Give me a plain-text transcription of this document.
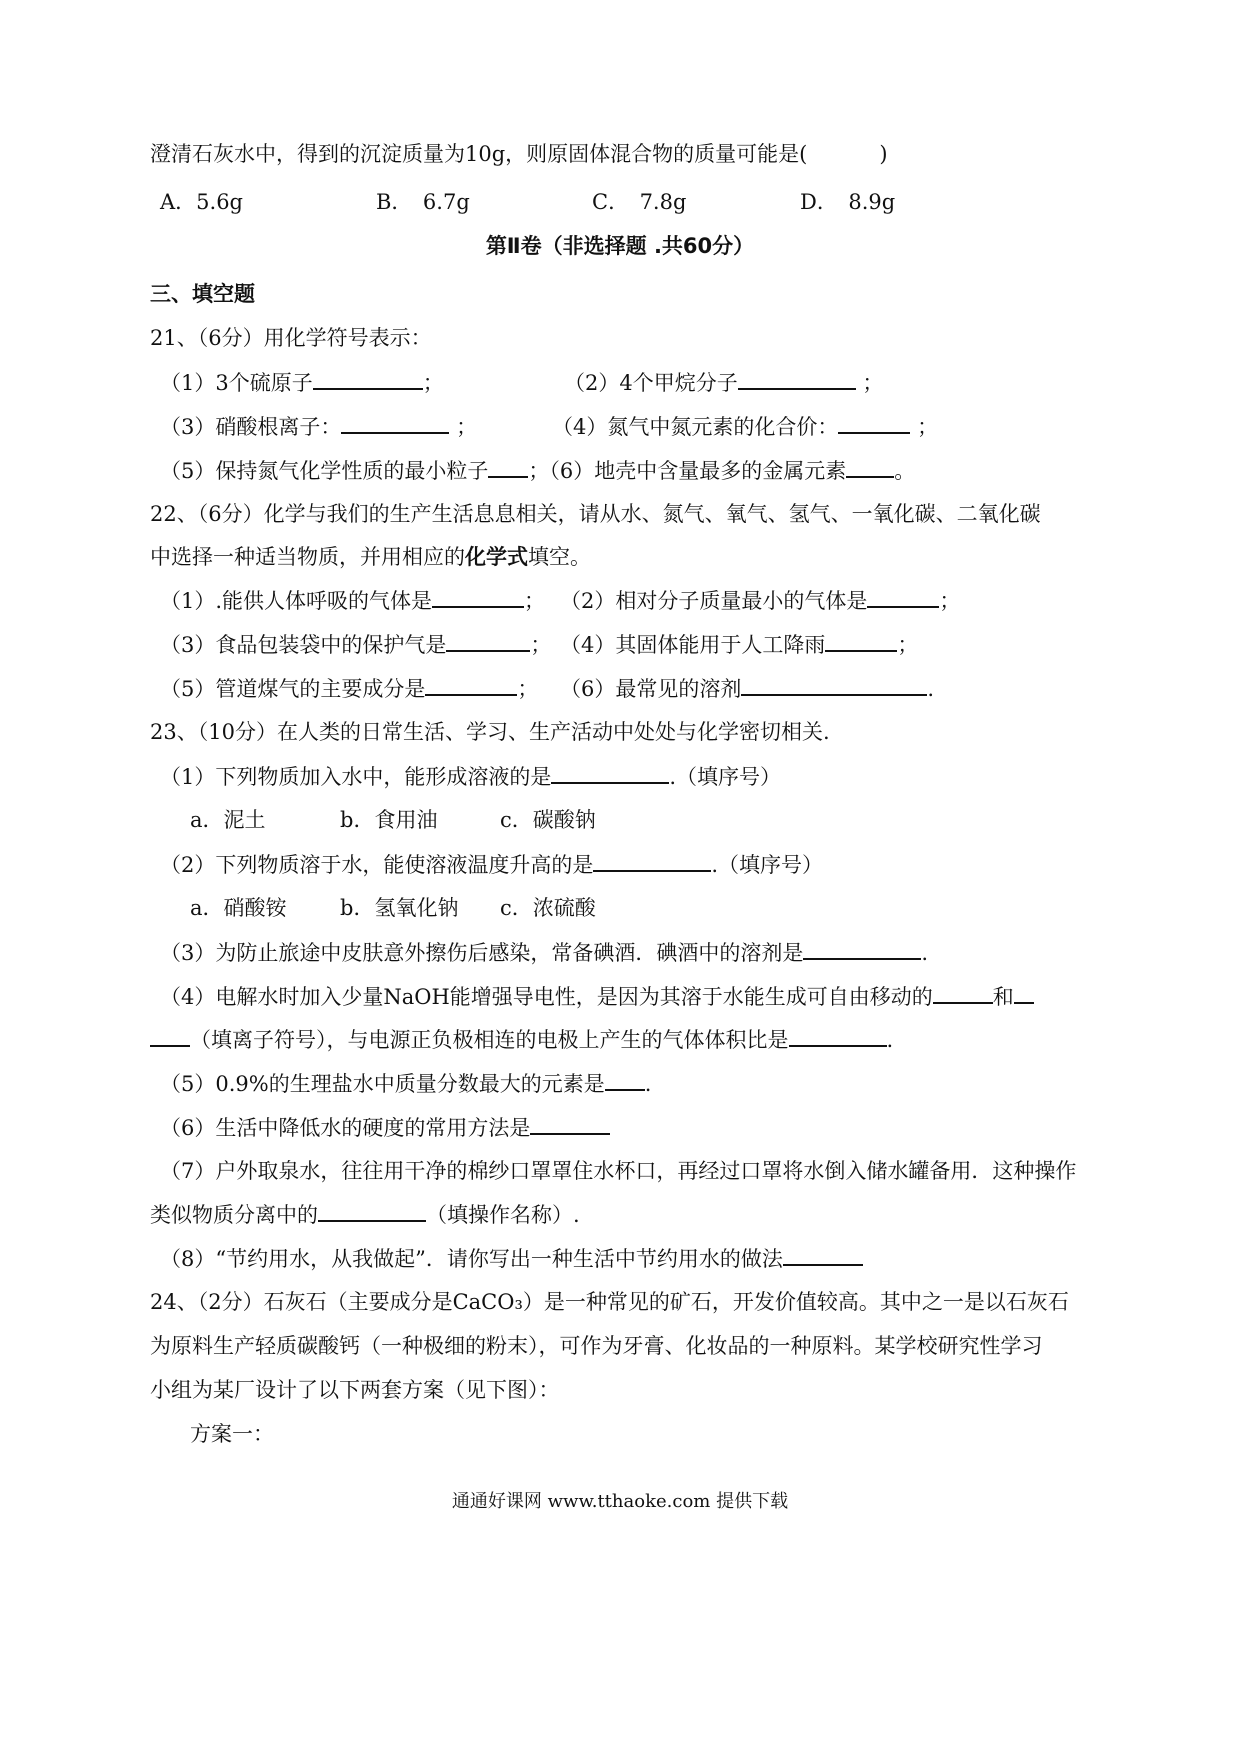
澄清石灰水中，得到的沉淀质量为10g，则原固体混合物的质量可能是(	)
A．5.6g	B．　6.7g	C．　7.8g	D．　8.9g
第Ⅱ卷（非选择题 .共60分）
三、填空题
21、（6分）用化学符号表示：
（1）3个硫原子	；	（2）4个甲烷分子	；
（3）硝酸根离子：	；	（4）氮气中氮元素的化合价：	；
（5）保持氮气化学性质的最小粒子 ；（6）地壳中含量最多的金属元素 。
22、（6分）化学与我们的生产生活息息相关，请从水、氮气、氧气、氢气、一氧化碳、二氧化碳
中选择一种适当物质，并用相应的化学式填空。
（1）.能供人体呼吸的气体是	； （2）相对分子质量最小的气体是	；
（3）食品包装袋中的保护气是	； （4）其固体能用于人工降雨	；
（5）管道煤气的主要成分是	； （6）最常见的溶剂	.
23、（10分）在人类的日常生活、学习、生产活动中处处与化学密切相关.
（1）下列物质加入水中，能形成溶液的是	.（填序号）
a．泥土	b．食用油	c．碳酸钠
（2）下列物质溶于水，能使溶液温度升高的是	.（填序号）
a．硝酸铵	b．氢氧化钠 c．浓硫酸
（3）为防止旅途中皮肤意外擦伤后感染，常备碘酒．碘酒中的溶剂是	.
（4）电解水时加入少量NaOH能增强导电性，是因为其溶于水能生成可自由移动的	和
（填离子符号），与电源正负极相连的电极上产生的气体体积比是	.
（5）0.9%的生理盐水中质量分数最大的元素是 .
（6）生活中降低水的硬度的常用方法是
（7）户外取泉水，往往用干净的棉纱口罩罩住水杯口，再经过口罩将水倒入储水罐备用．这种操作
类似物质分离中的	（填操作名称）.
（8）“节约用水，从我做起”．请你写出一种生活中节约用水的做法
24、（2分）石灰石（主要成分是CaCO₃）是一种常见的矿石，开发价值较高。其中之一是以石灰石
为原料生产轻质碳酸钙（一种极细的粉末），可作为牙膏、化妆品的一种原料。某学校研究性学习
小组为某厂设计了以下两套方案（见下图）：
方案一：
通通好课网 www.tthaoke.com 提供下载
